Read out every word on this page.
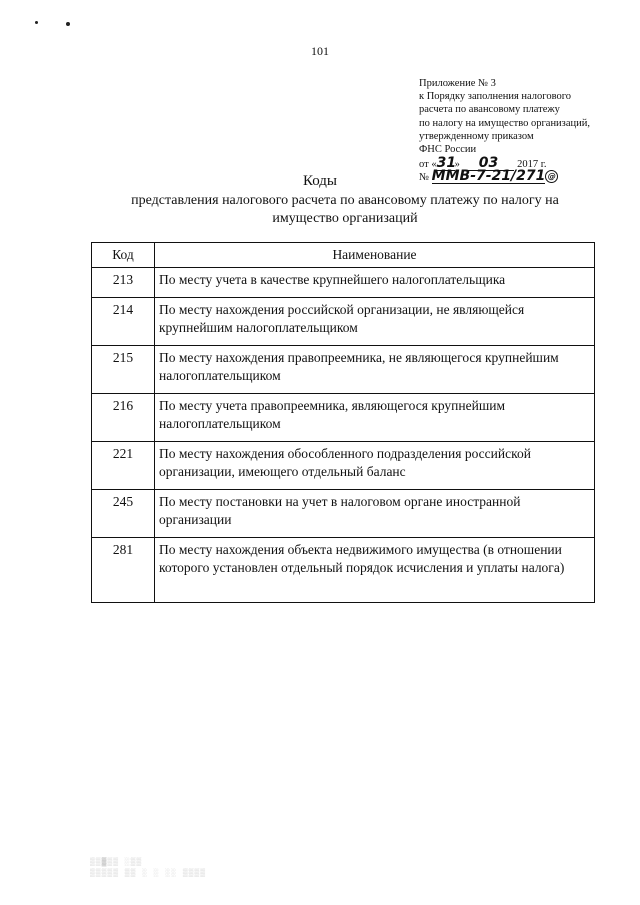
101
Приложение № 3
к Порядку заполнения налогового
расчета по авансовому платежу
по налогу на имущество организаций,
утвержденному приказом
ФНС России
от «31» 03 2017 г.
№ ММВ-7-21/271 @
Коды
представления налогового расчета по авансовому платежу по налогу на имущество организаций
Код	Наименование
213	По месту учета в качестве крупнейшего налогоплательщика
214	По месту нахождения российской организации, не являющейся крупнейшим налогоплательщиком
215	По месту нахождения правопреемника, не являющегося крупнейшим налогоплательщиком
216	По месту учета правопреемника, являющегося крупнейшим налогоплательщиком
221	По месту нахождения обособленного подразделения российской организации, имеющего отдельный баланс
245	По месту постановки на учет в налоговом органе иностранной организации
281	По месту нахождения объекта недвижимого имущества (в отношении которого установлен отдельный порядок исчисления и уплаты налога)
▒▒▓▒▒ ░▒▒
▒▒▒▒▒ ▒▒ ░ ░ ░░ ▒▒▒▒
